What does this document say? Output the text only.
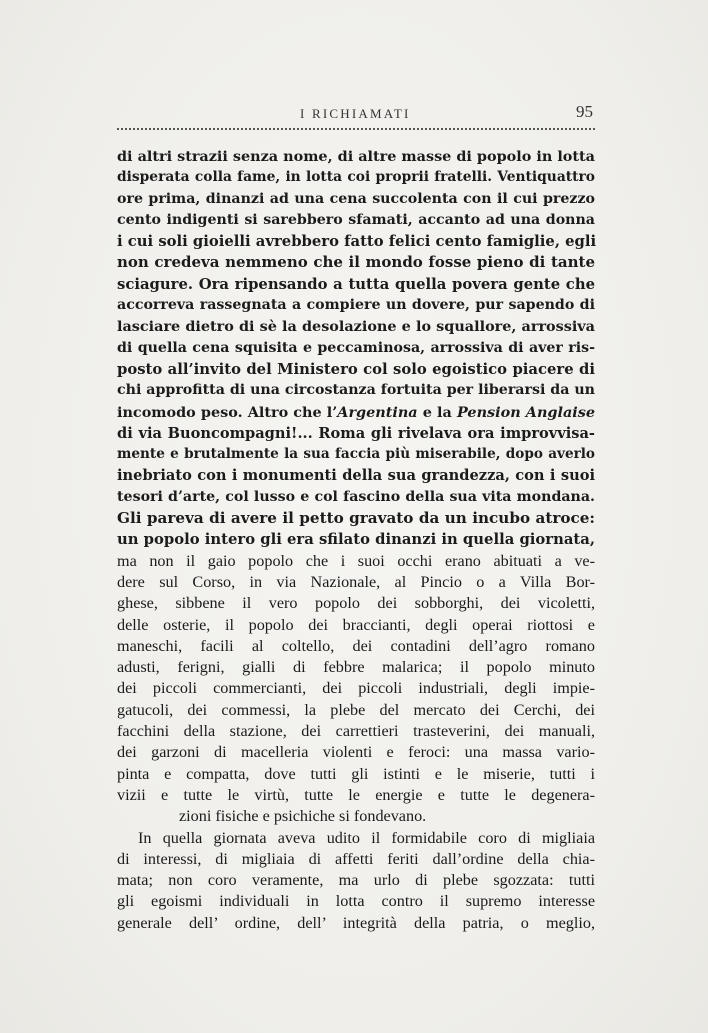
I RICHIAMATI	95
di altri strazii senza nome, di altre masse di popolo in lotta
disperata colla fame, in lotta coi proprii fratelli. Ventiquattro
ore prima, dinanzi ad una cena succolenta con il cui prezzo
cento indigenti si sarebbero sfamati, accanto ad una donna
i cui soli gioielli avrebbero fatto felici cento famiglie, egli
non credeva nemmeno che il mondo fosse pieno di tante
sciagure. Ora ripensando a tutta quella povera gente che
accorreva rassegnata a compiere un dovere, pur sapendo di
lasciare dietro di sè la desolazione e lo squallore, arrossiva
di quella cena squisita e peccaminosa, arrossiva di aver ris-
posto all’invito del Ministero col solo egoistico piacere di
chi approfitta di una circostanza fortuita per liberarsi da un
incomodo peso. Altro che l’Argentina e la Pension Anglaise
di via Buoncompagni!... Roma gli rivelava ora improvvisa-
mente e brutalmente la sua faccia più miserabile, dopo averlo
inebriato con i monumenti della sua grandezza, con i suoi
tesori d’arte, col lusso e col fascino della sua vita mondana.
Gli pareva di avere il petto gravato da un incubo atroce:
un popolo intero gli era sfilato dinanzi in quella giornata,
ma non il gaio popolo che i suoi occhi erano abituati a ve-
dere sul Corso, in via Nazionale, al Pincio o a Villa Bor-
ghese, sibbene il vero popolo dei sobborghi, dei vicoletti,
delle osterie, il popolo dei braccianti, degli operai riottosi e
maneschi, facili al coltello, dei contadini dell’agro romano
adusti, ferigni, gialli di febbre malarica; il popolo minuto
dei piccoli commercianti, dei piccoli industriali, degli impie-
gatucoli, dei commessi, la plebe del mercato dei Cerchi, dei
facchini della stazione, dei carrettieri trasteverini, dei manuali,
dei garzoni di macelleria violenti e feroci: una massa vario-
pinta e compatta, dove tutti gli istinti e le miserie, tutti i
vizii e tutte le virtù, tutte le energie e tutte le degenera-
zioni fisiche e psichiche si fondevano.
In quella giornata aveva udito il formidabile coro di migliaia
di interessi, di migliaia di affetti feriti dall’ordine della chia-
mata; non coro veramente, ma urlo di plebe sgozzata: tutti
gli egoismi individuali in lotta contro il supremo interesse
generale dell’ ordine, dell’ integrità della patria, o meglio,
